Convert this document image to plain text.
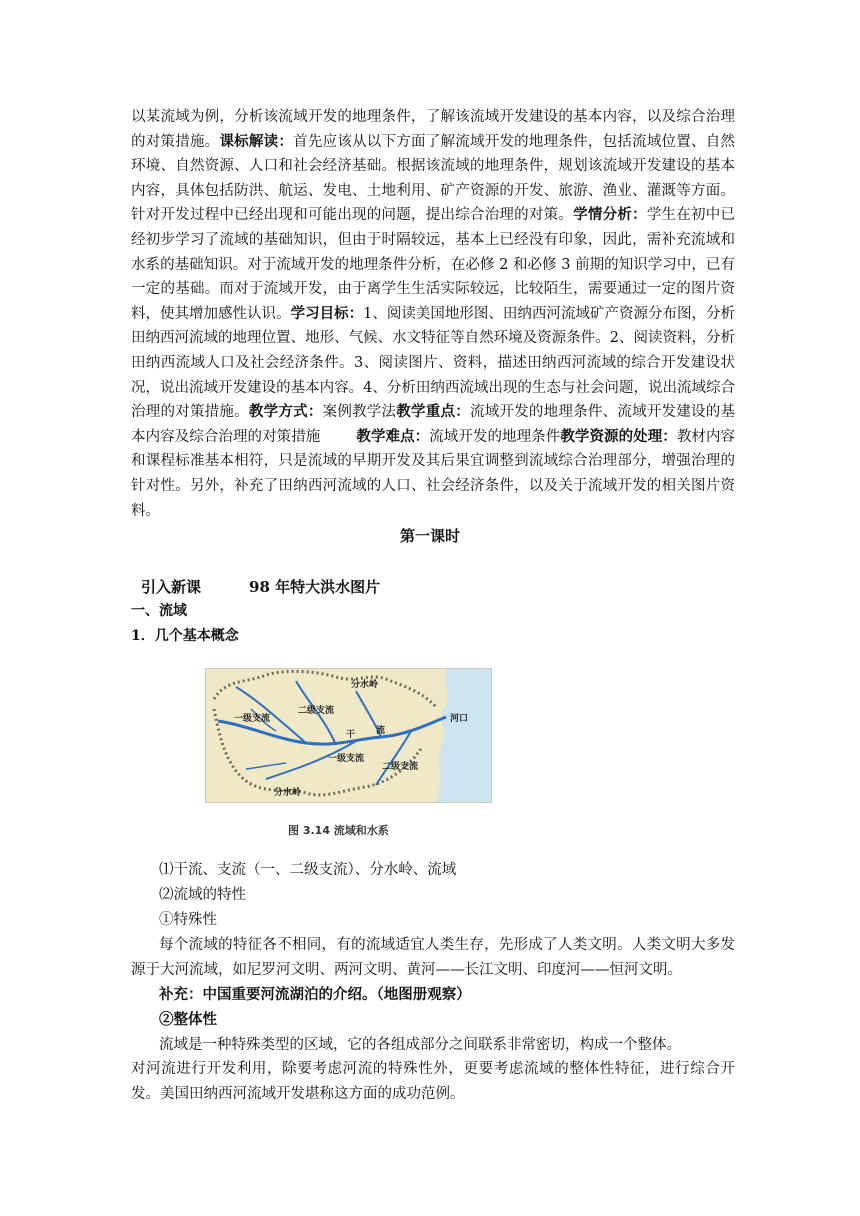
以某流域为例，分析该流域开发的地理条件，了解该流域开发建设的基本内容，以及综合治理的对策措施。课标解读：首先应该从以下方面了解流域开发的地理条件，包括流域位置、自然环境、自然资源、人口和社会经济基础。根据该流域的地理条件，规划该流域开发建设的基本内容，具体包括防洪、航运、发电、土地利用、矿产资源的开发、旅游、渔业、灌溉等方面。针对开发过程中已经出现和可能出现的问题，提出综合治理的对策。学情分析：学生在初中已经初步学习了流域的基础知识，但由于时隔较远，基本上已经没有印象，因此，需补充流域和水系的基础知识。对于流域开发的地理条件分析，在必修 2 和必修 3 前期的知识学习中，已有一定的基础。而对于流域开发，由于离学生生活实际较远，比较陌生，需要通过一定的图片资料，使其增加感性认识。学习目标：1、阅读美国地形图、田纳西河流域矿产资源分布图，分析田纳西河流域的地理位置、地形、气候、水文特征等自然环境及资源条件。2、阅读资料，分析田纳西流域人口及社会经济条件。3、阅读图片、资料，描述田纳西河流域的综合开发建设状况，说出流域开发建设的基本内容。4、分析田纳西流域出现的生态与社会问题，说出流域综合治理的对策措施。教学方式：案例教学法教学重点：流域开发的地理条件、流域开发建设的基本内容及综合治理的对策措施 教学难点：流域开发的地理条件教学资源的处理：教材内容和课程标准基本相符，只是流域的早期开发及其后果宜调整到流域综合治理部分，增强治理的针对性。另外，补充了田纳西河流域的人口、社会经济条件，以及关于流域开发的相关图片资料。

第一课时
引入新课	98 年特大洪水图片
一、流域
1．几个基本概念
分水岭
一级支流
二级支流
干 流
河口
一级支流
二级支流
分水岭
图 3.14 流域和水系

⑴干流、支流（一、二级支流）、分水岭、流域

⑵流域的特性

①特殊性

每个流域的特征各不相同，有的流域适宜人类生存，先形成了人类文明。人类文明大多发源于大河流域，如尼罗河文明、两河文明、黄河——长江文明、印度河——恒河文明。

补充：中国重要河流湖泊的介绍。（地图册观察）

②整体性

流域是一种特殊类型的区域，它的各组成部分之间联系非常密切，构成一个整体。

对河流进行开发利用，除要考虑河流的特殊性外，更要考虑流域的整体性特征，进行综合开发。美国田纳西河流域开发堪称这方面的成功范例。
